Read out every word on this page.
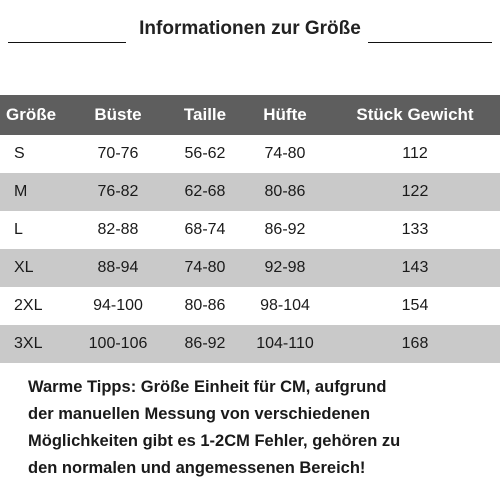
Informationen zur Größe
Größe	Büste	Taille	Hüfte	Stück Gewicht
S	70-76	56-62	74-80	112
M	76-82	62-68	80-86	122
L	82-88	68-74	86-92	133
XL	88-94	74-80	92-98	143
2XL	94-100	80-86	98-104	154
3XL	100-106	86-92	104-110	168
Warme Tipps: Größe Einheit für CM, aufgrund
der manuellen Messung von verschiedenen
Möglichkeiten gibt es 1-2CM Fehler, gehören zu
den normalen und angemessenen Bereich!
